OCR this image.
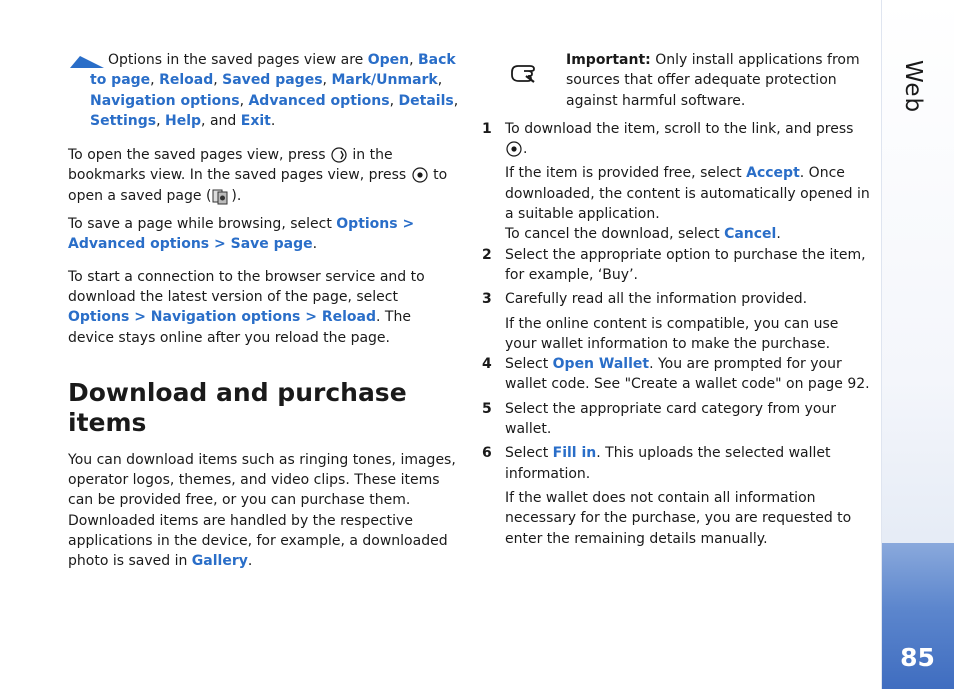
Options in the saved pages view are Open, Back to page, Reload, Saved pages, Mark/Unmark, Navigation options, Advanced options, Details, Settings, Help, and Exit.

To open the saved pages view, press  in the bookmarks view. In the saved pages view, press  to open a saved page ( ).

To save a page while browsing, select Options > Advanced options > Save page.

To start a connection to the browser service and to download the latest version of the page, select Options > Navigation options > Reload. The device stays online after you reload the page.

Download and purchase items

You can download items such as ringing tones, images, operator logos, themes, and video clips. These items can be provided free, or you can purchase them. Downloaded items are handled by the respective applications in the device, for example, a downloaded photo is saved in Gallery.

Important: Only install applications from sources that offer adequate protection against harmful software.

1 To download the item, scroll to the link, and press .

If the item is provided free, select Accept. Once downloaded, the content is automatically opened in a suitable application.

To cancel the download, select Cancel.

2 Select the appropriate option to purchase the item, for example, ‘Buy’.

3 Carefully read all the information provided.

If the online content is compatible, you can use your wallet information to make the purchase.

4 Select Open Wallet. You are prompted for your wallet code. See "Create a wallet code" on page 92.

5 Select the appropriate card category from your wallet.

6 Select Fill in. This uploads the selected wallet information.

If the wallet does not contain all information necessary for the purchase, you are requested to enter the remaining details manually.

Web
85
